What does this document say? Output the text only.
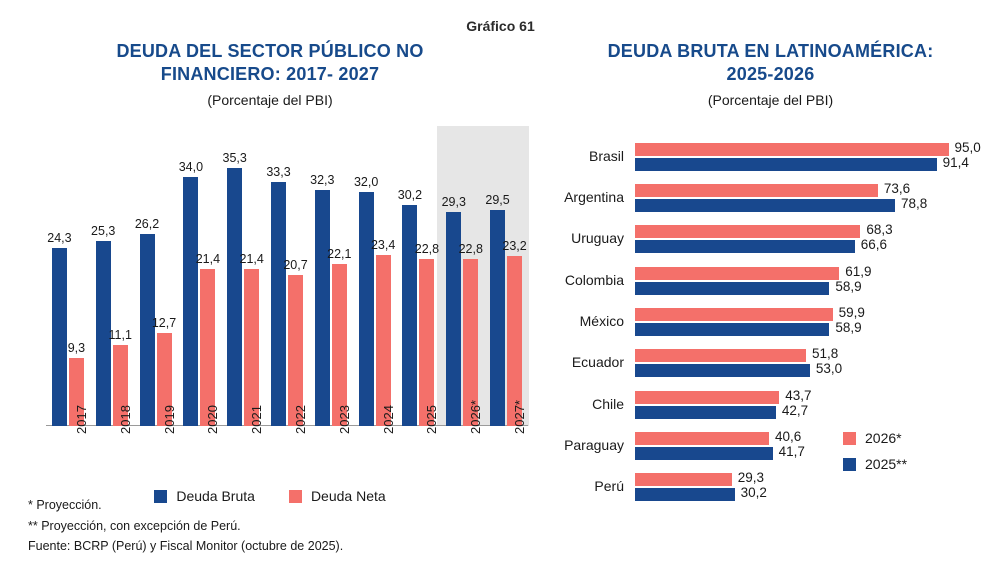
Gráfico 61
DEUDA DEL SECTOR PÚBLICO NO
FINANCIERO: 2017- 2027
(Porcentaje del PBI)
24,3
9,3
2017
25,3
11,1
2018
26,2
12,7
2019
34,0
21,4
2020
35,3
21,4
2021
33,3
20,7
2022
32,3
22,1
2023
32,0
23,4
2024
30,2
22,8
2025
29,3
22,8
2026*
29,5
23,2
2027*
Deuda Bruta	Deuda Neta
* Proyección.
** Proyección, con excepción de Perú.
Fuente: BCRP (Perú) y Fiscal Monitor (octubre de 2025).
DEUDA BRUTA EN LATINOAMÉRICA:
2025-2026
(Porcentaje del PBI)
Brasil
95,0
91,4
Argentina
73,6
78,8
Uruguay
68,3
66,6
Colombia
61,9
58,9
México
59,9
58,9
Ecuador
51,8
53,0
Chile
43,7
42,7
Paraguay
40,6
41,7
Perú
29,3
30,2
2026*
2025**
